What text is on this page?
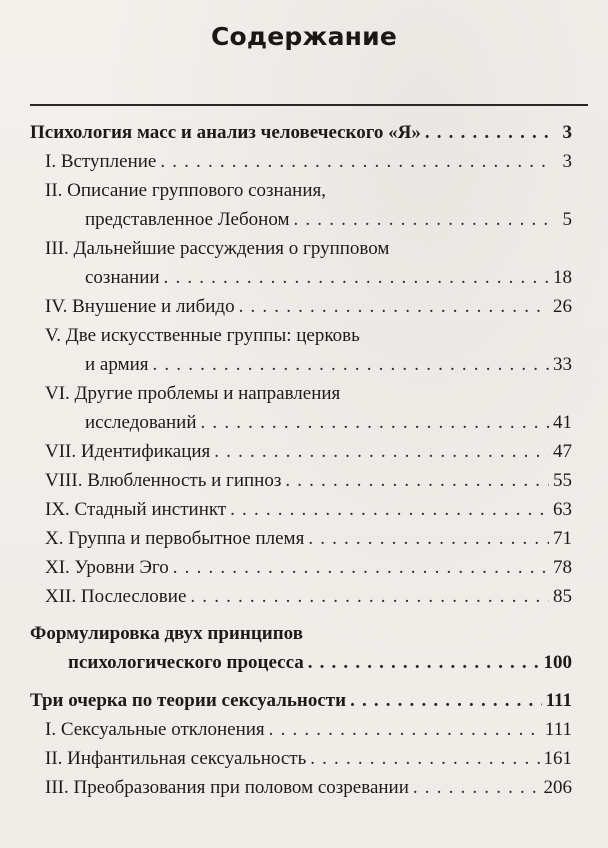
Содержание
Психология масс и анализ человеческого «Я» . . .	3
I. Вступление . . .	3
II. Описание группового сознания,
представленное Лебоном . . .	5
III. Дальнейшие рассуждения о групповом
сознании . . .	18
IV. Внушение и либидо . . .	26
V. Две искусственные группы: церковь
и армия . . .	33
VI. Другие проблемы и направления
исследований . . .	41
VII. Идентификация . . .	47
VIII. Влюбленность и гипноз . . .	55
IX. Стадный инстинкт . . .	63
X. Группа и первобытное племя . . .	71
XI. Уровни Эго . . .	78
XII. Послесловие . . .	85
Формулировка двух принципов
психологического процесса . . .	100
Три очерка по теории сексуальности . . .	111
I. Сексуальные отклонения . . .	111
II. Инфантильная сексуальность . . .	161
III. Преобразования при половом созревании . . .	206
